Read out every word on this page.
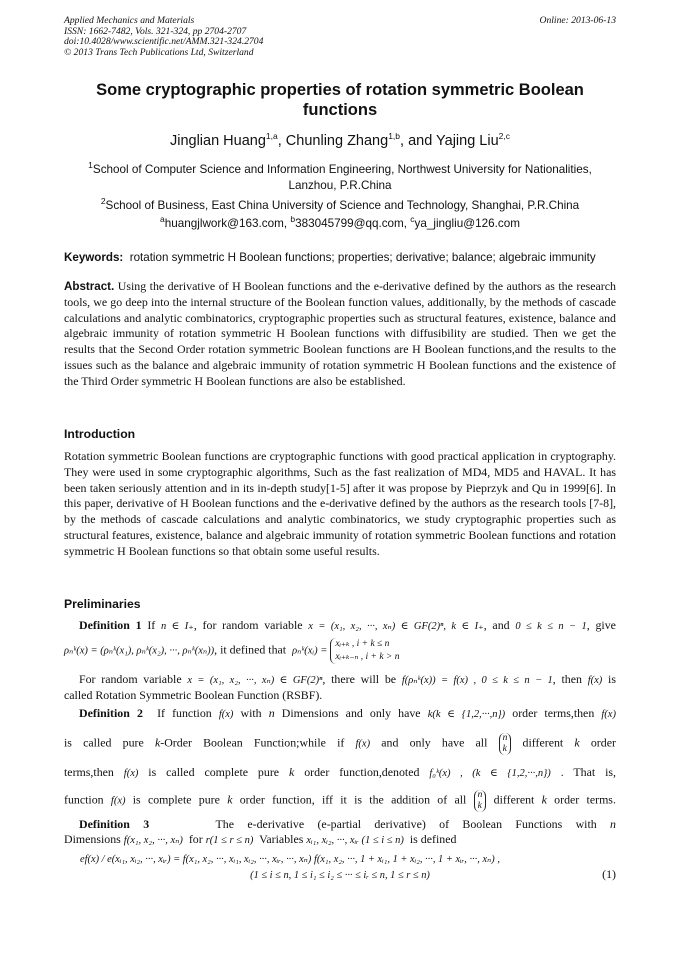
Applied Mechanics and Materials
ISSN: 1662-7482, Vols. 321-324, pp 2704-2707
doi:10.4028/www.scientific.net/AMM.321-324.2704
© 2013 Trans Tech Publications Ltd, Switzerland
Online: 2013-06-13
Some cryptographic properties of rotation symmetric Boolean
functions
Jinglian Huang$^{1,a}$, Chunling Zhang$^{1,b}$, and Yajing Liu$^{2,c}$
$^1$School of Computer Science and Information Engineering, Northwest University for Nationalities,
Lanzhou, P.R.China
$^2$School of Business, East China University of Science and Technology, Shanghai, P.R.China
$^a$huangjlwork@163.com, $^b$383045799@qq.com, $^c$ya_jingliu@126.com
Keywords: rotation symmetric H Boolean functions; properties; derivative; balance; algebraic immunity
Abstract. Using the derivative of H Boolean functions and the e-derivative defined by the authors as the research tools, we go deep into the internal structure of the Boolean function values, additionally, by the methods of cascade calculations and analytic combinatorics, cryptographic properties such as structural features, existence, balance and algebraic immunity of rotation symmetric H Boolean functions with diffusibility are studied. Then we get the results that the Second Order rotation symmetric Boolean functions are H Boolean functions,and the results to the issues such as the balance and algebraic immunity of rotation symmetric H Boolean functions and the existence of the Third Order symmetric H Boolean functions are also be established.
Introduction
Rotation symmetric Boolean functions are cryptographic functions with good practical application in cryptography. They were used in some cryptographic algorithms, Such as the fast realization of MD4, MD5 and HAVAL. It has been taken seriously attention and in its in-depth study[1-5] after it was propose by Pieprzyk and Qu in 1999[6]. In this paper, derivative of H Boolean functions and the e-derivative defined by the authors as the research tools [7-8], by the methods of cascade calculations and analytic combinatorics, we study cryptographic properties such as structural features, existence, balance and algebraic immunity of rotation symmetric Boolean functions and rotation symmetric H Boolean functions so that obtain some useful results.
Preliminaries
Definition 1 If n ∈ I₊, for random variable x = (x₁, x₂, ···, xₙ) ∈ GF(2)ⁿ, k ∈ I₊, and 0 ≤ k ≤ n − 1, give
ρₙᵏ(x) = (ρₙᵏ(x₁), ρₙᵏ(x₂), ···, ρₙᵏ(xₙ)), it defined that ρₙᵏ(xᵢ) = xᵢ₊ₖ , i + k ≤ n
xᵢ₊ₖ₋ₙ , i + k > n
For random variable x = (x₁, x₂, ···, xₙ) ∈ GF(2)ⁿ, there will be f(ρₙᵏ(x)) = f(x) , 0 ≤ k ≤ n − 1, then f(x) is
called Rotation Symmetric Boolean Function (RSBF).
Definition 2 If function f(x) with n Dimensions and only have k(k ∈ {1,2,···,n}) order terms,then f(x)
is called pure k-Order Boolean Function;while if f(x) and only have all n
k different k order
terms,then f(x) is called complete pure k order function,denoted f₀ᵏ(x) , (k ∈ {1,2,···,n}) . That is,
function f(x) is complete pure k order function, iff it is the addition of all n
k different k order terms.
Definition 3	The e-derivative (e-partial derivative) of Boolean Functions with n
Dimensions f(x₁, x₂, ···, xₙ) for r(1 ≤ r ≤ n) Variables xᵢ₁, xᵢ₂, ···, xᵢᵣ (1 ≤ i ≤ n) is defined
ef(x) / e(xᵢ₁, xᵢ₂, ···, xᵢᵣ) = f(x₁, x₂, ···, xᵢ₁, xᵢ₂, ···, xᵢᵣ, ···, xₙ) f(x₁, x₂, ···, 1 + xᵢ₁, 1 + xᵢ₂, ···, 1 + xᵢᵣ, ···, xₙ) ,
(1 ≤ i ≤ n, 1 ≤ i₁ ≤ i₂ ≤ ··· ≤ iᵣ ≤ n, 1 ≤ r ≤ n)	(1)
